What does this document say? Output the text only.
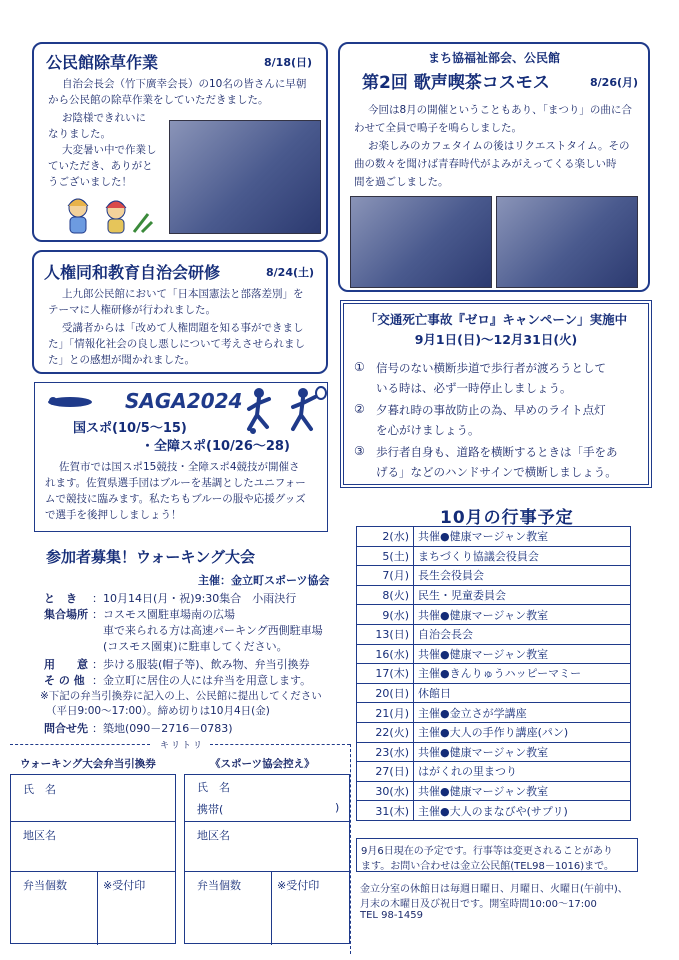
公民館除草作業	8/18(日)
自治会長会（竹下廣幸会長）の10名の皆さんに早朝
から公民館の除草作業をしていただきました。
お陰様できれいに
なりました。
大変暑い中で作業し
ていただき、ありがと
うございました！
まち協福祉部会、公民館
第2回 歌声喫茶コスモス	8/26(月)
今回は8月の開催ということもあり、「まつり」の曲に合
わせて全員で鳴子を鳴らしました。
お楽しみのカフェタイムの後はリクエストタイム。その
曲の数々を聞けば青春時代がよみがえってくる楽しい時
間を過ごしました。
人権同和教育自治会研修	8/24(土)
上九郎公民館において「日本国憲法と部落差別」を
テーマに人権研修が行われました。
受講者からは「改めて人権問題を知る事ができまし
た」「情報化社会の良し悪しについて考えさせられまし
た」との感想が聞かれました。
SAGA2024
国スポ(10/5～15)
・全障スポ(10/26～28)
佐賀市では国スポ15競技・全障スポ4競技が開催さ
れます。佐賀県選手団はブルーを基調としたユニフォー
ムで競技に臨みます。私たちもブルーの服や応援グッズ
で選手を後押ししましょう！
「交通死亡事故『ゼロ』キャンペーン」実施中
9月1日(日)～12月31日(火)
① 信号のない横断歩道で歩行者が渡ろうとして
いる時は、必ず一時停止しましょう。
② 夕暮れ時の事故防止の為、早めのライト点灯
を心がけましょう。
③ 歩行者自身も、道路を横断するときは「手をあ
げる」などのハンドサインで横断しましょう。
10月の行事予定
2(水)	共催●健康マージャン教室
5(土)	まちづくり協議会役員会
7(月)	長生会役員会
8(火)	民生・児童委員会
9(水)	共催●健康マージャン教室
13(日)	自治会長会
16(水)	共催●健康マージャン教室
17(木)	主催●きんりゅうハッピーマミー
20(日)	休館日
21(月)	主催●金立さが学講座
22(火)	主催●大人の手作り講座(パン)
23(水)	共催●健康マージャン教室
27(日)	はがくれの里まつり
30(水)	共催●健康マージャン教室
31(木)	主催●大人のまなびや(サプリ)
9月6日現在の予定です。行事等は変更されることがあり
ます。お問い合わせは金立公民館(TEL98－1016)まで。
金立分室の休館日は毎週日曜日、月曜日、火曜日(午前中)、
月末の木曜日及び祝日です。開室時間10:00～17:00
TEL 98-1459
参加者募集！ウォーキング大会
主催：金立町スポーツ協会
と　き ：10月14日(月・祝)9:30集合　小雨決行
集合場所 ：コスモス園駐車場南の広場
　車で来られる方は高速パーキング西側駐車場
　(コスモス園東)に駐車してください。
用　　意 ：歩ける服装(帽子等)、飲み物、弁当引換券
そ の 他 ：金立町に居住の人には弁当を用意します。
※下記の弁当引換券に記入の上、公民館に提出してください
（平日9:00～17:00）。締め切りは10月4日(金)
問合せ先 ：築地(090－2716－0783)
キリトリ
ウォーキング大会弁当引換券
氏　名
地区名
弁当個数	※受付印
《スポーツ協会控え》
氏　名
携帯(	)
地区名
弁当個数	※受付印
